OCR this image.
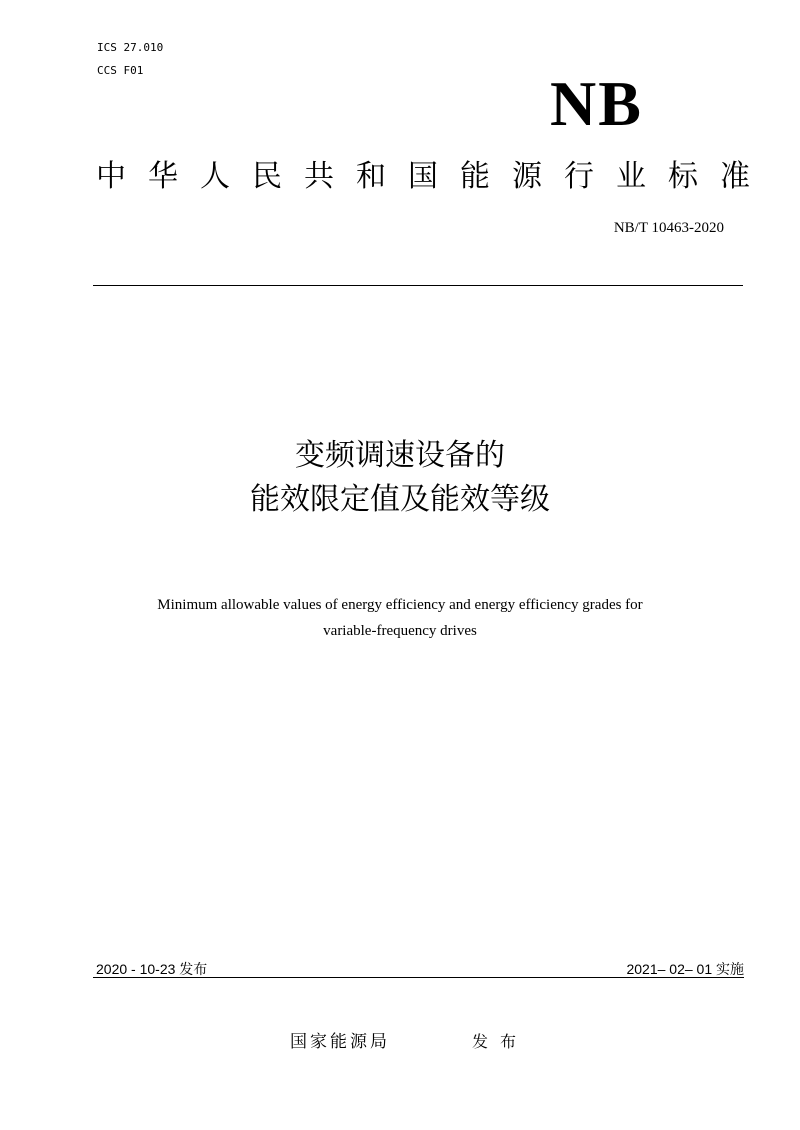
ICS 27.010
CCS F01	NB
中 华 人 民 共 和 国 能 源 行 业 标 准
NB/T 10463-2020
变频调速设备的
能效限定值及能效等级
Minimum allowable values of energy efficiency and energy efficiency grades for
variable-frequency drives
2020 - 10-23 发布	2021– 02– 01 实施
国家能源局	发布
